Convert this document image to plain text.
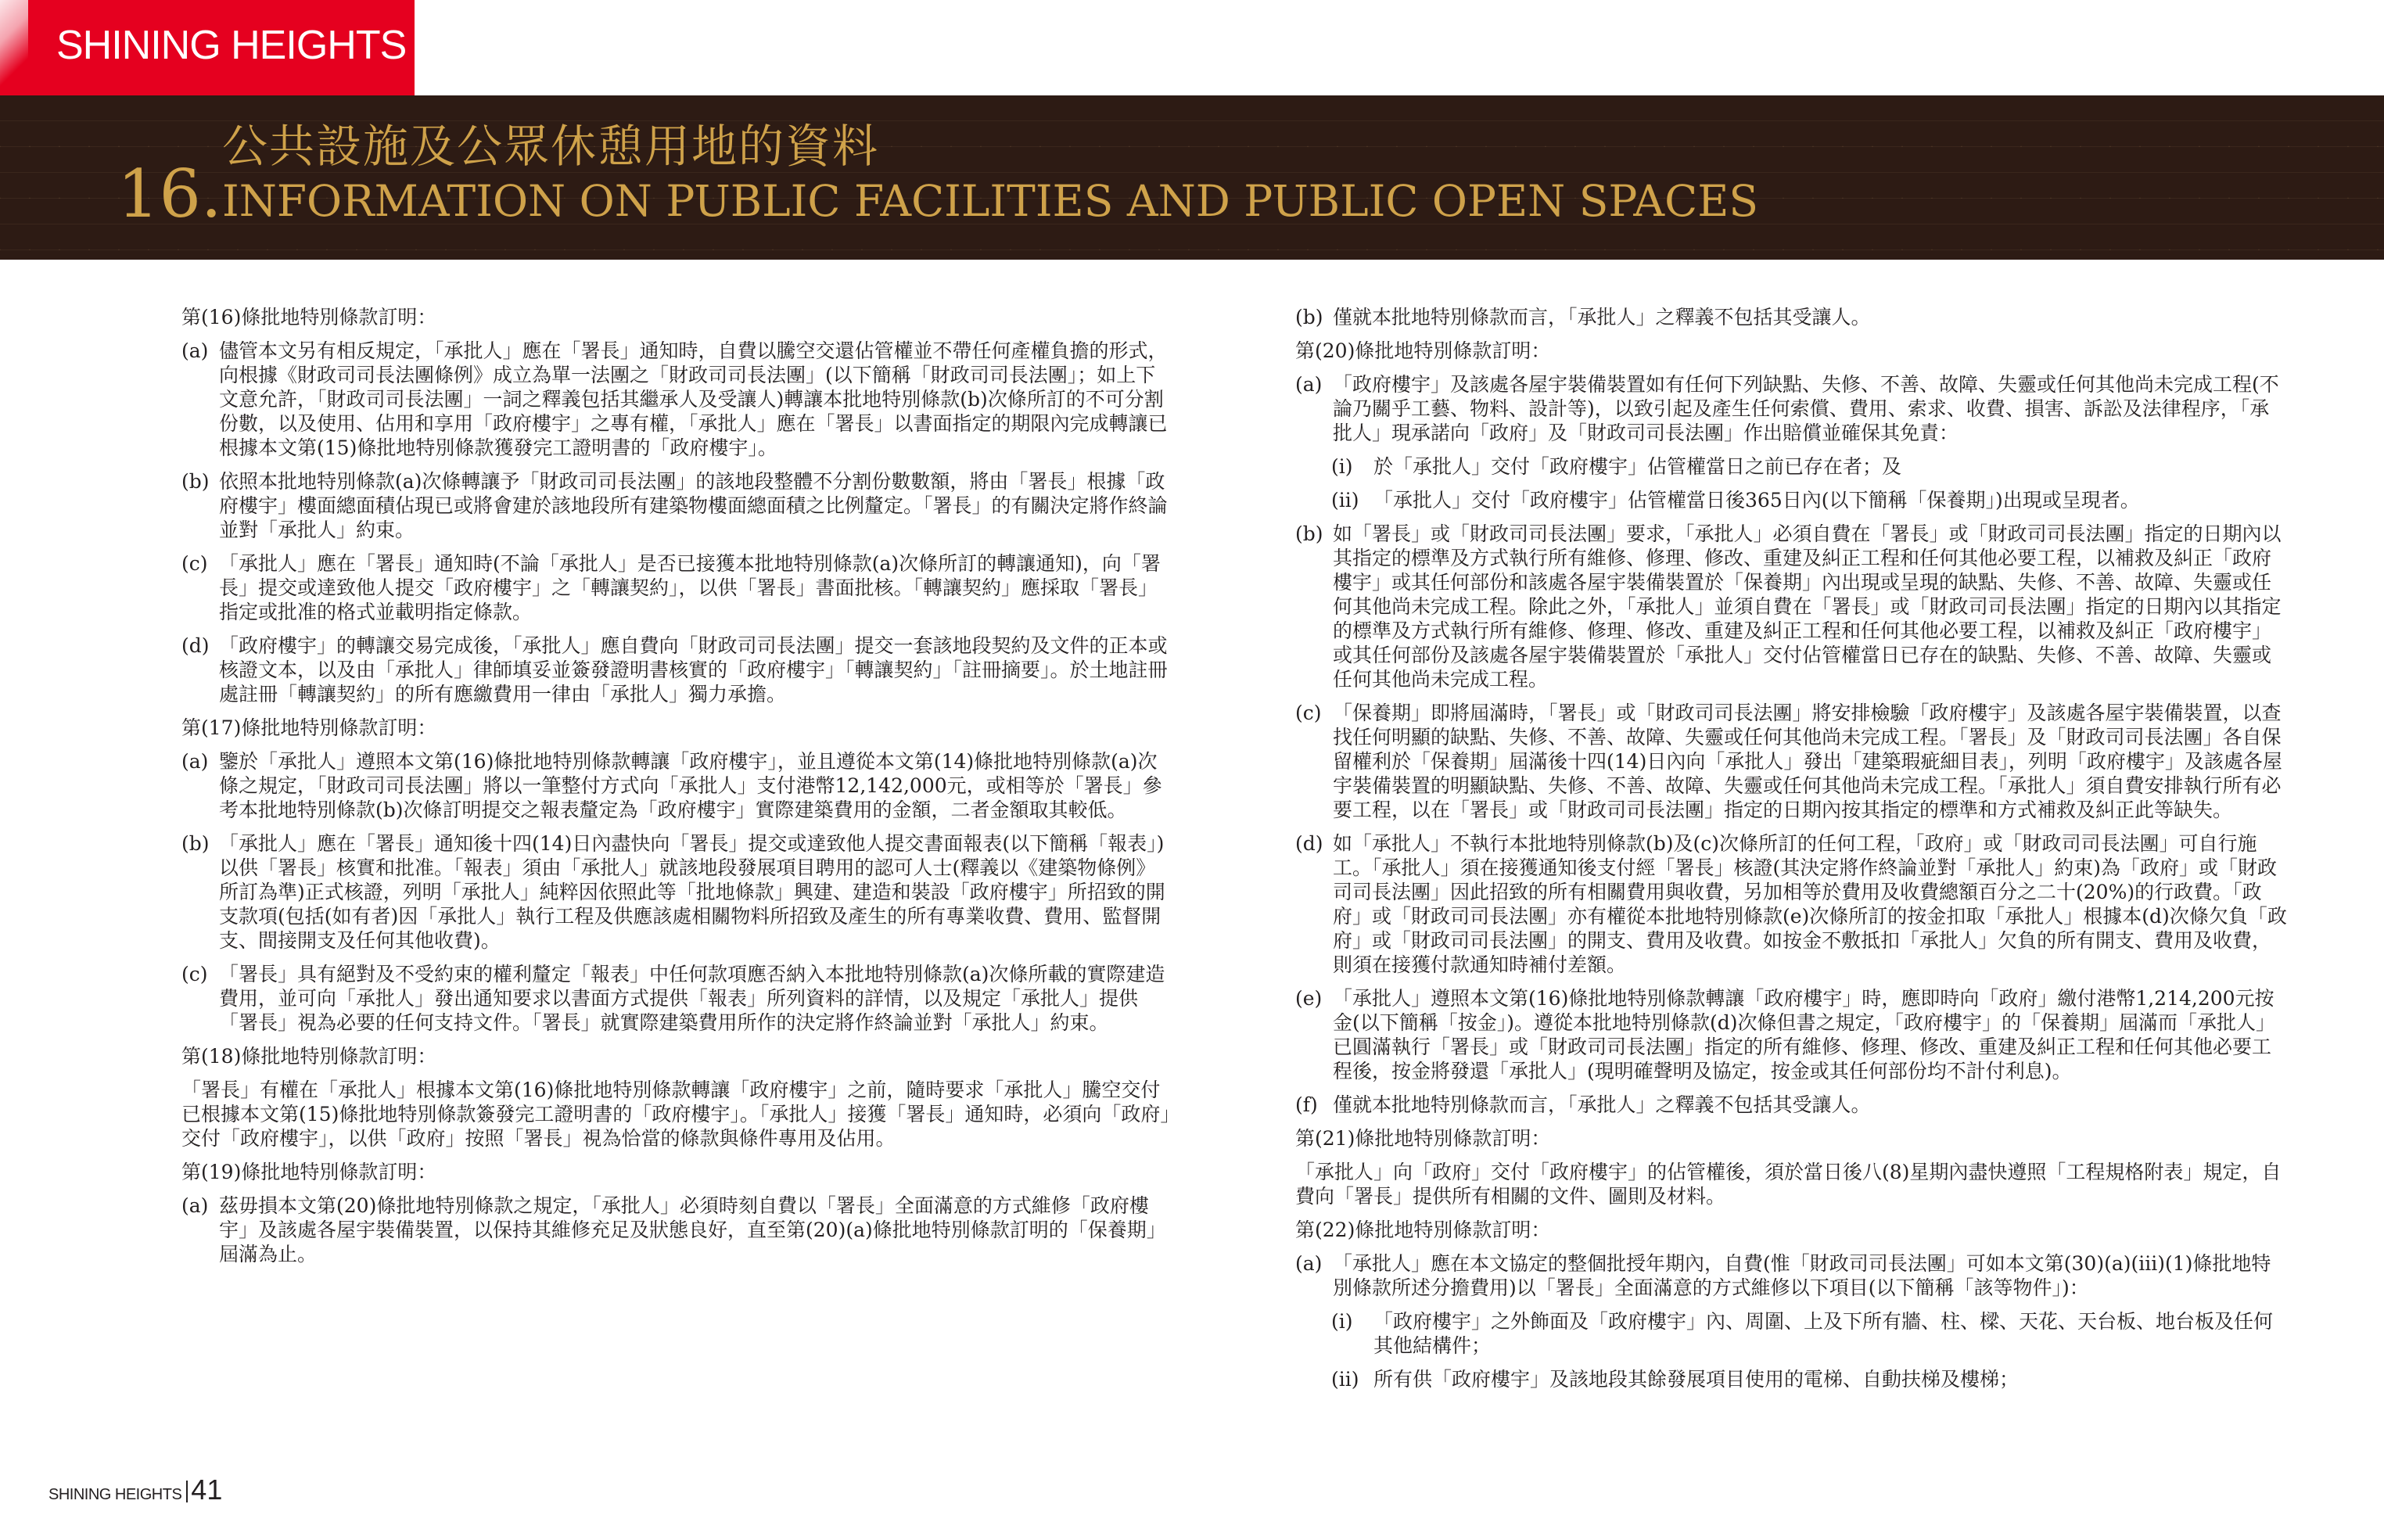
SHINING HEIGHTS
16.
公共設施及公眾休憩用地的資料
INFORMATION ON PUBLIC FACILITIES AND PUBLIC OPEN SPACES

第(16)條批地特別條款訂明：

(a) 儘管本文另有相反規定，「承批人」應在「署長」通知時，自費以騰空交還佔管權並不帶任何產權負擔的形式，向根據《財政司司長法團條例》成立為單一法團之「財政司司長法團」(以下簡稱「財政司司長法團」；如上下文意允許，「財政司司長法團」一詞之釋義包括其繼承人及受讓人)轉讓本批地特別條款(b)次條所訂的不可分割份數，以及使用、佔用和享用「政府樓宇」之專有權，「承批人」應在「署長」以書面指定的期限內完成轉讓已根據本文第(15)條批地特別條款獲發完工證明書的「政府樓宇」。
(b) 依照本批地特別條款(a)次條轉讓予「財政司司長法團」的該地段整體不分割份數數額，將由「署長」根據「政府樓宇」樓面總面積佔現已或將會建於該地段所有建築物樓面總面積之比例釐定。「署長」的有關決定將作終論並對「承批人」約束。
(c) 「承批人」應在「署長」通知時(不論「承批人」是否已接獲本批地特別條款(a)次條所訂的轉讓通知)，向「署長」提交或達致他人提交「政府樓宇」之「轉讓契約」，以供「署長」書面批核。「轉讓契約」應採取「署長」指定或批准的格式並載明指定條款。
(d) 「政府樓宇」的轉讓交易完成後，「承批人」應自費向「財政司司長法團」提交一套該地段契約及文件的正本或核證文本，以及由「承批人」律師填妥並簽發證明書核實的「政府樓宇」「轉讓契約」「註冊摘要」。於土地註冊處註冊「轉讓契約」的所有應繳費用一律由「承批人」獨力承擔。

第(17)條批地特別條款訂明：

(a) 鑒於「承批人」遵照本文第(16)條批地特別條款轉讓「政府樓宇」，並且遵從本文第(14)條批地特別條款(a)次條之規定，「財政司司長法團」將以一筆整付方式向「承批人」支付港幣12,142,000元，或相等於「署長」參考本批地特別條款(b)次條訂明提交之報表釐定為「政府樓宇」實際建築費用的金額，二者金額取其較低。
(b) 「承批人」應在「署長」通知後十四(14)日內盡快向「署長」提交或達致他人提交書面報表(以下簡稱「報表」)以供「署長」核實和批准。「報表」須由「承批人」就該地段發展項目聘用的認可人士(釋義以《建築物條例》所訂為準)正式核證，列明「承批人」純粹因依照此等「批地條款」興建、建造和裝設「政府樓宇」所招致的開支款項(包括(如有者)因「承批人」執行工程及供應該處相關物料所招致及產生的所有專業收費、費用、監督開支、間接開支及任何其他收費)。
(c) 「署長」具有絕對及不受約束的權利釐定「報表」中任何款項應否納入本批地特別條款(a)次條所載的實際建造費用，並可向「承批人」發出通知要求以書面方式提供「報表」所列資料的詳情，以及規定「承批人」提供「署長」視為必要的任何支持文件。「署長」就實際建築費用所作的決定將作終論並對「承批人」約束。

第(18)條批地特別條款訂明：

「署長」有權在「承批人」根據本文第(16)條批地特別條款轉讓「政府樓宇」之前，隨時要求「承批人」騰空交付已根據本文第(15)條批地特別條款簽發完工證明書的「政府樓宇」。「承批人」接獲「署長」通知時，必須向「政府」交付「政府樓宇」，以供「政府」按照「署長」視為恰當的條款與條件專用及佔用。

第(19)條批地特別條款訂明：

(a) 茲毋損本文第(20)條批地特別條款之規定，「承批人」必須時刻自費以「署長」全面滿意的方式維修「政府樓宇」及該處各屋宇裝備裝置，以保持其維修充足及狀態良好，直至第(20)(a)條批地特別條款訂明的「保養期」屆滿為止。
(b) 僅就本批地特別條款而言，「承批人」之釋義不包括其受讓人。

第(20)條批地特別條款訂明：

(a) 「政府樓宇」及該處各屋宇裝備裝置如有任何下列缺點、失修、不善、故障、失靈或任何其他尚未完成工程(不論乃關乎工藝、物料、設計等)，以致引起及產生任何索償、費用、索求、收費、損害、訴訟及法律程序，「承批人」現承諾向「政府」及「財政司司長法團」作出賠償並確保其免責：
(i) 於「承批人」交付「政府樓宇」佔管權當日之前已存在者；及
(ii) 「承批人」交付「政府樓宇」佔管權當日後365日內(以下簡稱「保養期」)出現或呈現者。
(b) 如「署長」或「財政司司長法團」要求，「承批人」必須自費在「署長」或「財政司司長法團」指定的日期內以其指定的標準及方式執行所有維修、修理、修改、重建及糾正工程和任何其他必要工程，以補救及糾正「政府樓宇」或其任何部份和該處各屋宇裝備裝置於「保養期」內出現或呈現的缺點、失修、不善、故障、失靈或任何其他尚未完成工程。除此之外，「承批人」並須自費在「署長」或「財政司司長法團」指定的日期內以其指定的標準及方式執行所有維修、修理、修改、重建及糾正工程和任何其他必要工程，以補救及糾正「政府樓宇」或其任何部份及該處各屋宇裝備裝置於「承批人」交付佔管權當日已存在的缺點、失修、不善、故障、失靈或任何其他尚未完成工程。
(c) 「保養期」即將屆滿時，「署長」或「財政司司長法團」將安排檢驗「政府樓宇」及該處各屋宇裝備裝置，以查找任何明顯的缺點、失修、不善、故障、失靈或任何其他尚未完成工程。「署長」及「財政司司長法團」各自保留權利於「保養期」屆滿後十四(14)日內向「承批人」發出「建築瑕疵細目表」，列明「政府樓宇」及該處各屋宇裝備裝置的明顯缺點、失修、不善、故障、失靈或任何其他尚未完成工程。「承批人」須自費安排執行所有必要工程，以在「署長」或「財政司司長法團」指定的日期內按其指定的標準和方式補救及糾正此等缺失。
(d) 如「承批人」不執行本批地特別條款(b)及(c)次條所訂的任何工程，「政府」或「財政司司長法團」可自行施工。「承批人」須在接獲通知後支付經「署長」核證(其決定將作終論並對「承批人」約束)為「政府」或「財政司司長法團」因此招致的所有相關費用與收費，另加相等於費用及收費總額百分之二十(20%)的行政費。「政府」或「財政司司長法團」亦有權從本批地特別條款(e)次條所訂的按金扣取「承批人」根據本(d)次條欠負「政府」或「財政司司長法團」的開支、費用及收費。如按金不敷抵扣「承批人」欠負的所有開支、費用及收費，則須在接獲付款通知時補付差額。
(e) 「承批人」遵照本文第(16)條批地特別條款轉讓「政府樓宇」時，應即時向「政府」繳付港幣1,214,200元按金(以下簡稱「按金」)。遵從本批地特別條款(d)次條但書之規定，「政府樓宇」的「保養期」屆滿而「承批人」已圓滿執行「署長」或「財政司司長法團」指定的所有維修、修理、修改、重建及糾正工程和任何其他必要工程後，按金將發還「承批人」(現明確聲明及協定，按金或其任何部份均不計付利息)。
(f) 僅就本批地特別條款而言，「承批人」之釋義不包括其受讓人。

第(21)條批地特別條款訂明：

「承批人」向「政府」交付「政府樓宇」的佔管權後，須於當日後八(8)星期內盡快遵照「工程規格附表」規定，自費向「署長」提供所有相關的文件、圖則及材料。

第(22)條批地特別條款訂明：

(a) 「承批人」應在本文協定的整個批授年期內，自費(惟「財政司司長法團」可如本文第(30)(a)(iii)(1)條批地特別條款所述分擔費用)以「署長」全面滿意的方式維修以下項目(以下簡稱「該等物件」)：
(i) 「政府樓宇」之外飾面及「政府樓宇」內、周圍、上及下所有牆、柱、樑、天花、天台板、地台板及任何其他結構件；
(ii) 所有供「政府樓宇」及該地段其餘發展項目使用的電梯、自動扶梯及樓梯；
SHINING HEIGHTS 41
